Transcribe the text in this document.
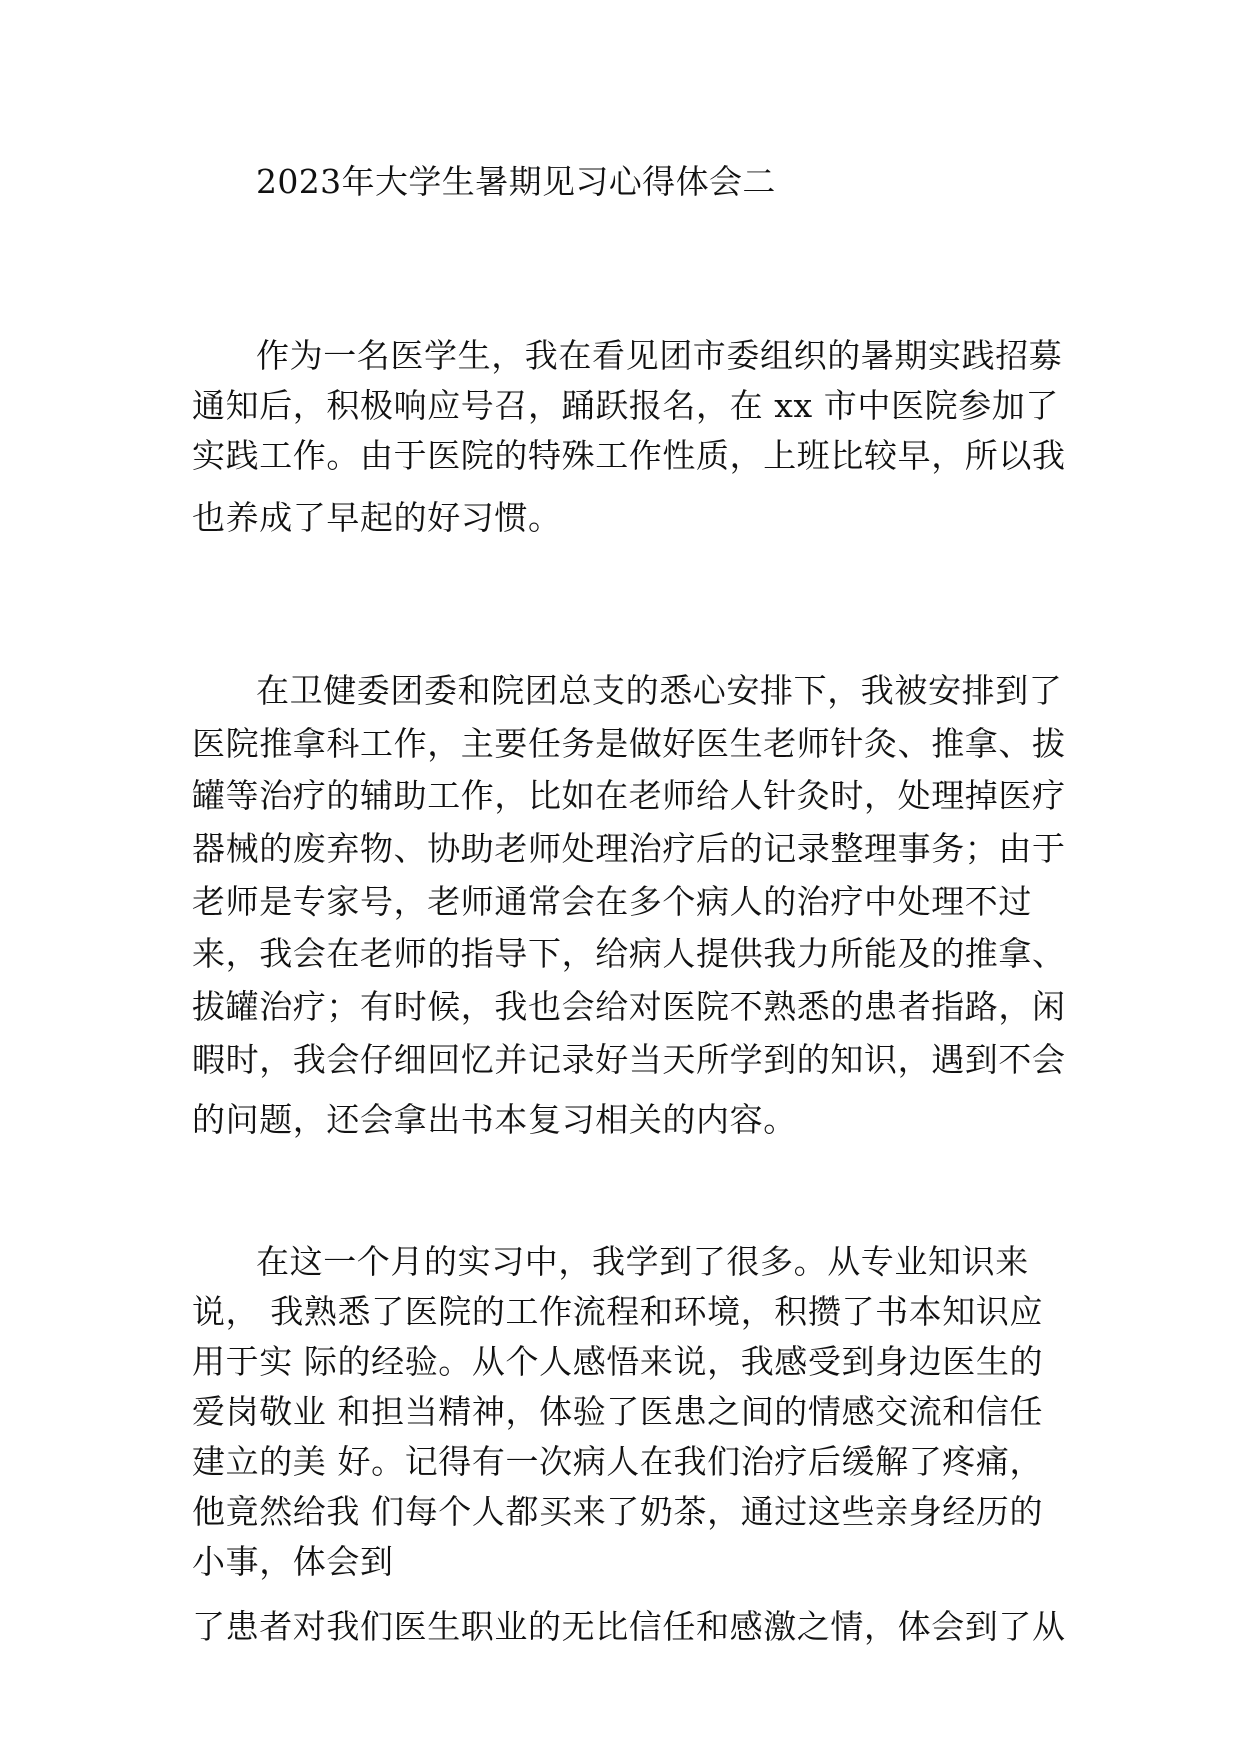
2023年大学生暑期见习心得体会二
作为一名医学生，我在看见团市委组织的暑期实践招募
通知后，积极响应号召，踊跃报名，在 xx 市中医院参加了
实践工作。由于医院的特殊工作性质，上班比较早，所以我
也养成了早起的好习惯。
在卫健委团委和院团总支的悉心安排下，我被安排到了
医院推拿科工作，主要任务是做好医生老师针灸、推拿、拔
罐等治疗的辅助工作，比如在老师给人针灸时，处理掉医疗
器械的废弃物、协助老师处理治疗后的记录整理事务；由于
老师是专家号，老师通常会在多个病人的治疗中处理不过
来，我会在老师的指导下，给病人提供我力所能及的推拿、
拔罐治疗；有时候，我也会给对医院不熟悉的患者指路，闲
暇时，我会仔细回忆并记录好当天所学到的知识，遇到不会
的问题，还会拿出书本复习相关的内容。
在这一个月的实习中，我学到了很多。从专业知识来
说， 我熟悉了医院的工作流程和环境，积攒了书本知识应
用于实 际的经验。从个人感悟来说，我感受到身边医生的
爱岗敬业 和担当精神，体验了医患之间的情感交流和信任
建立的美 好。记得有一次病人在我们治疗后缓解了疼痛，
他竟然给我 们每个人都买来了奶茶，通过这些亲身经历的
小事，体会到
了患者对我们医生职业的无比信任和感激之情，体会到了从
